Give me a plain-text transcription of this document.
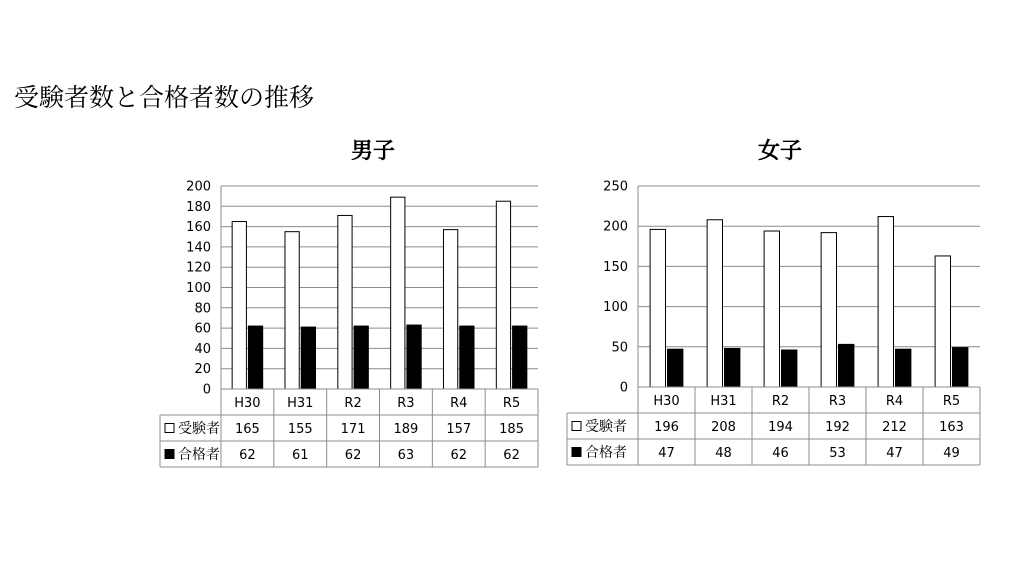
受験者数と合格者数の推移
男子
0
20
40
60
80
100
120
140
160
180
200
H30 H31 R2	R3	R4	R5
受験者 165 155 171 189 157 185
合格者 62	61	62	63	62	62
女子
0
50
100
150
200
250
H30 H31	R2	R3	R4	R5
受験者 196 208 194 192 212 163
合格者 47	48	46	53	47	49
